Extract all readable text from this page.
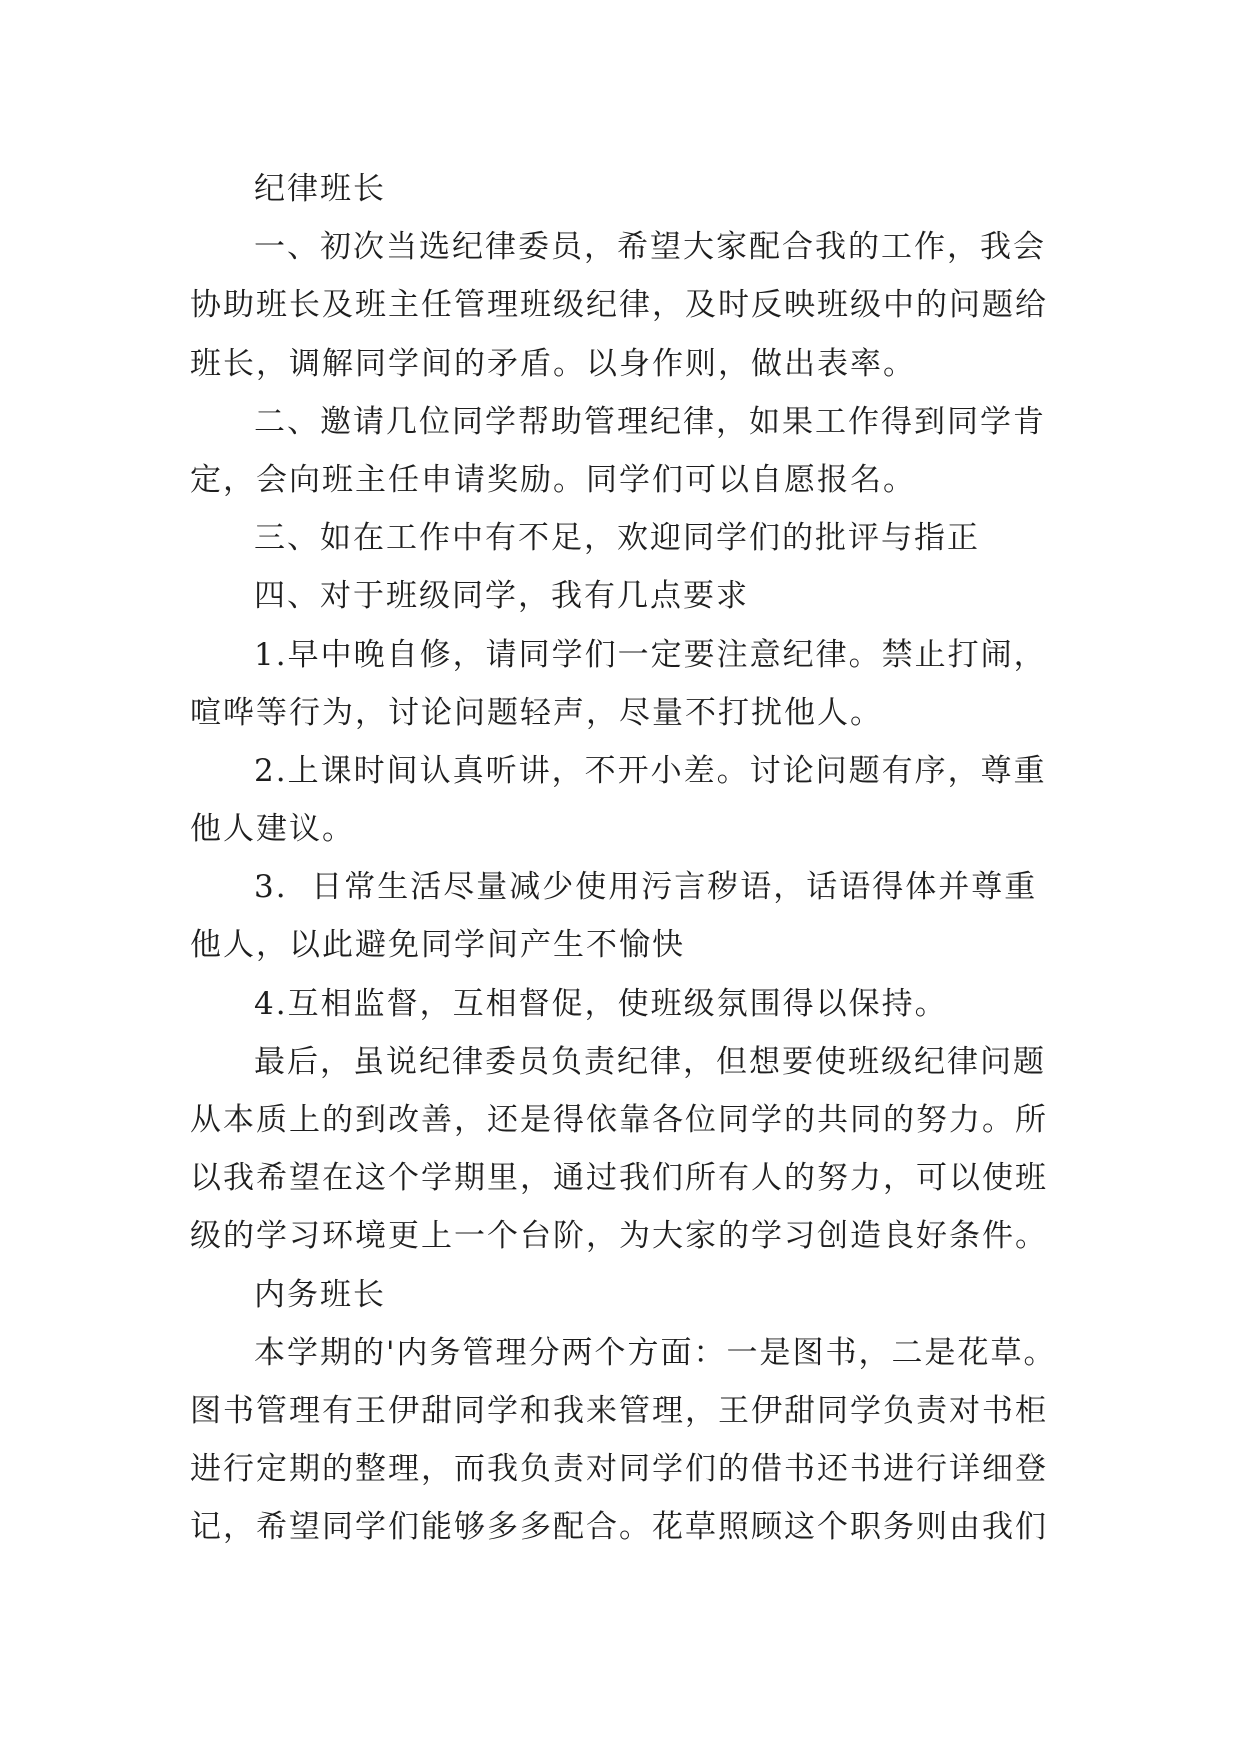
纪律班长
一、初次当选纪律委员，希望大家配合我的工作，我会
协助班长及班主任管理班级纪律，及时反映班级中的问题给
班长，调解同学间的矛盾。以身作则，做出表率。
二、邀请几位同学帮助管理纪律，如果工作得到同学肯
定，会向班主任申请奖励。同学们可以自愿报名。
三、如在工作中有不足，欢迎同学们的批评与指正
四、对于班级同学，我有几点要求
1.早中晚自修，请同学们一定要注意纪律。禁止打闹，
喧哗等行为，讨论问题轻声，尽量不打扰他人。
2.上课时间认真听讲，不开小差。讨论问题有序，尊重
他人建议。
3.  日常生活尽量减少使用污言秽语，话语得体并尊重
他人，以此避免同学间产生不愉快
4.互相监督，互相督促，使班级氛围得以保持。
最后，虽说纪律委员负责纪律，但想要使班级纪律问题
从本质上的到改善，还是得依靠各位同学的共同的努力。所
以我希望在这个学期里，通过我们所有人的努力，可以使班
级的学习环境更上一个台阶，为大家的学习创造良好条件。
内务班长
本学期的'内务管理分两个方面：一是图书，二是花草。
图书管理有王伊甜同学和我来管理，王伊甜同学负责对书柜
进行定期的整理，而我负责对同学们的借书还书进行详细登
记，希望同学们能够多多配合。花草照顾这个职务则由我们
